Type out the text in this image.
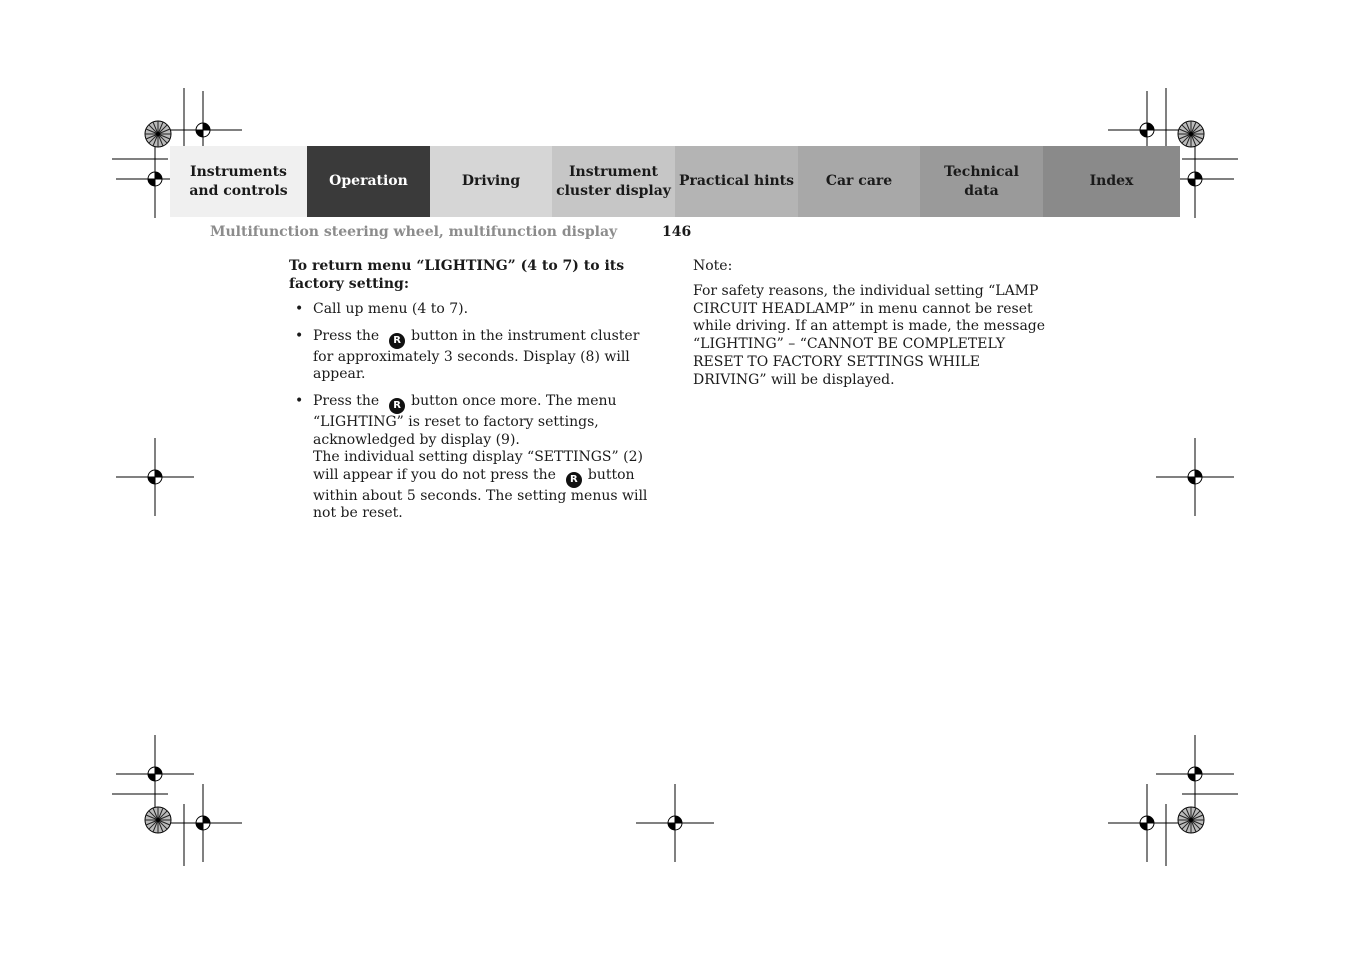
Instruments
and controls
Operation	Driving
Instrument
cluster display
Practical hints	Car care
Technical
data
Index
Multifunction steering wheel, multifunction display	146

To return menu “LIGHTING” (4 to 7) to its factory setting:

• Call up menu (4 to 7).
• Press the R button in the instrument cluster for approximately 3 seconds. Display (8) will appear.
• Press the R button once more. The menu “LIGHTING” is reset to factory settings, acknowledged by display (9).
The individual setting display “SETTINGS” (2) will appear if you do not press the R button within about 5 seconds. The setting menus will not be reset.

Note:

For safety reasons, the individual setting “LAMP CIRCUIT HEADLAMP” in menu cannot be reset while driving. If an attempt is made, the message “LIGHTING” – “CANNOT BE COMPLETELY RESET TO FACTORY SETTINGS WHILE DRIVING” will be displayed.
